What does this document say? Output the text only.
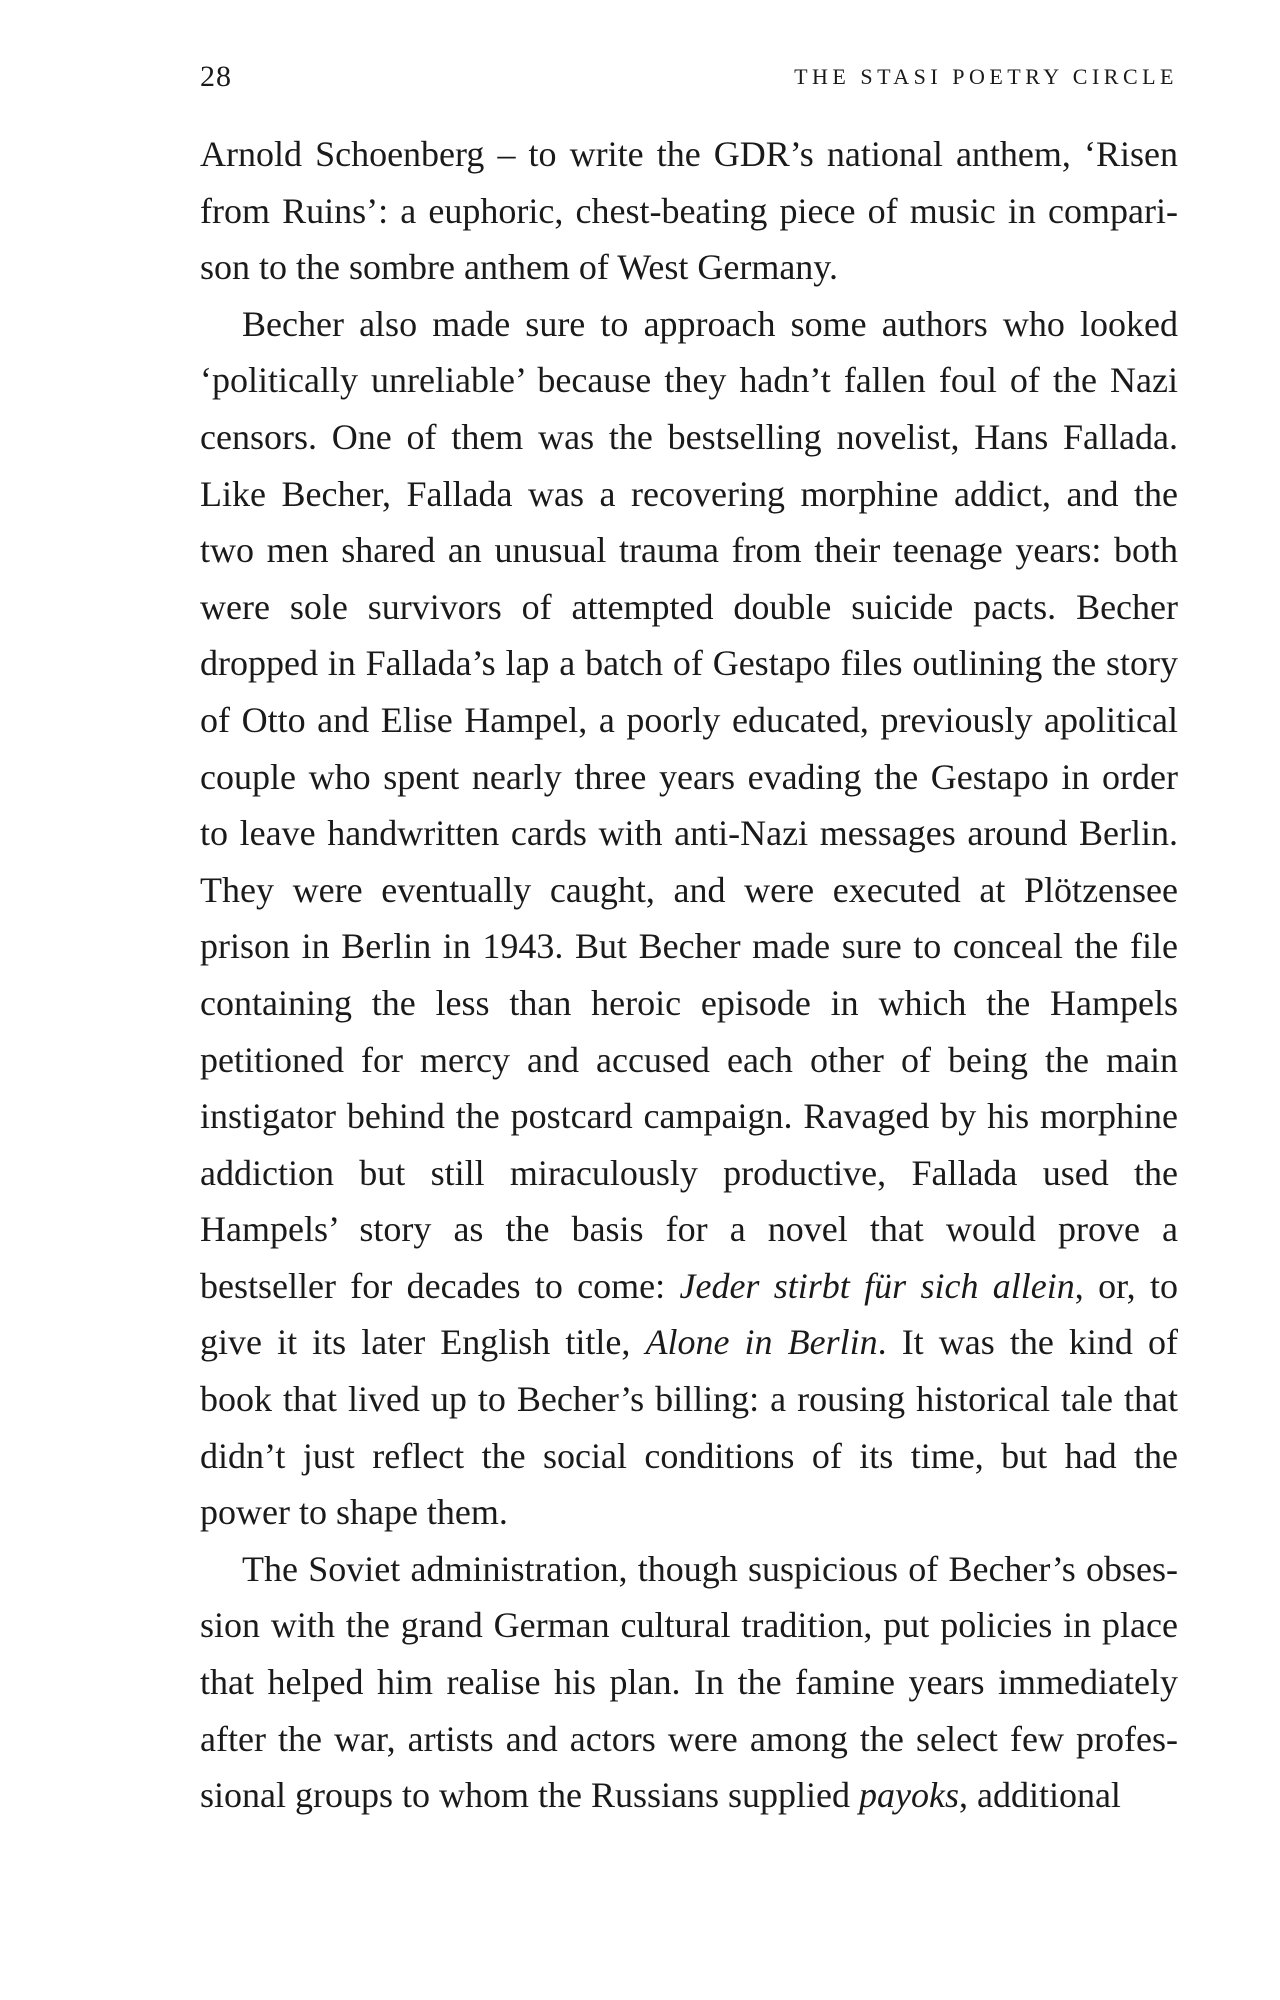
28	THE STASI POETRY CIRCLE

Arnold Schoenberg – to write the GDR’s national anthem, ‘Risen from Ruins’: a euphoric, chest-beating piece of music in comparison to the sombre anthem of West Germany.

Becher also made sure to approach some authors who looked ‘politically unreliable’ because they hadn’t fallen foul of the Nazi censors. One of them was the bestselling novelist, Hans Fallada. Like Becher, Fallada was a recovering morphine addict, and the two men shared an unusual trauma from their teenage years: both were sole survivors of attempted double suicide pacts. Becher dropped in Fallada’s lap a batch of Gestapo files outlining the story of Otto and Elise Hampel, a poorly educated, previously apolitical couple who spent nearly three years evading the Gestapo in order to leave handwritten cards with anti-Nazi messages around Berlin. They were eventually caught, and were executed at Plötzensee prison in Berlin in 1943. But Becher made sure to conceal the file containing the less than heroic episode in which the Hampels petitioned for mercy and accused each other of being the main instigator behind the postcard campaign. Ravaged by his morphine addiction but still miraculously productive, Fallada used the Hampels’ story as the basis for a novel that would prove a bestseller for decades to come: Jeder stirbt für sich allein, or, to give it its later English title, Alone in Berlin. It was the kind of book that lived up to Becher’s billing: a rousing historical tale that didn’t just reflect the social conditions of its time, but had the power to shape them.

The Soviet administration, though suspicious of Becher’s obsession with the grand German cultural tradition, put policies in place that helped him realise his plan. In the famine years immediately after the war, artists and actors were among the select few professional groups to whom the Russians supplied payoks, additional
